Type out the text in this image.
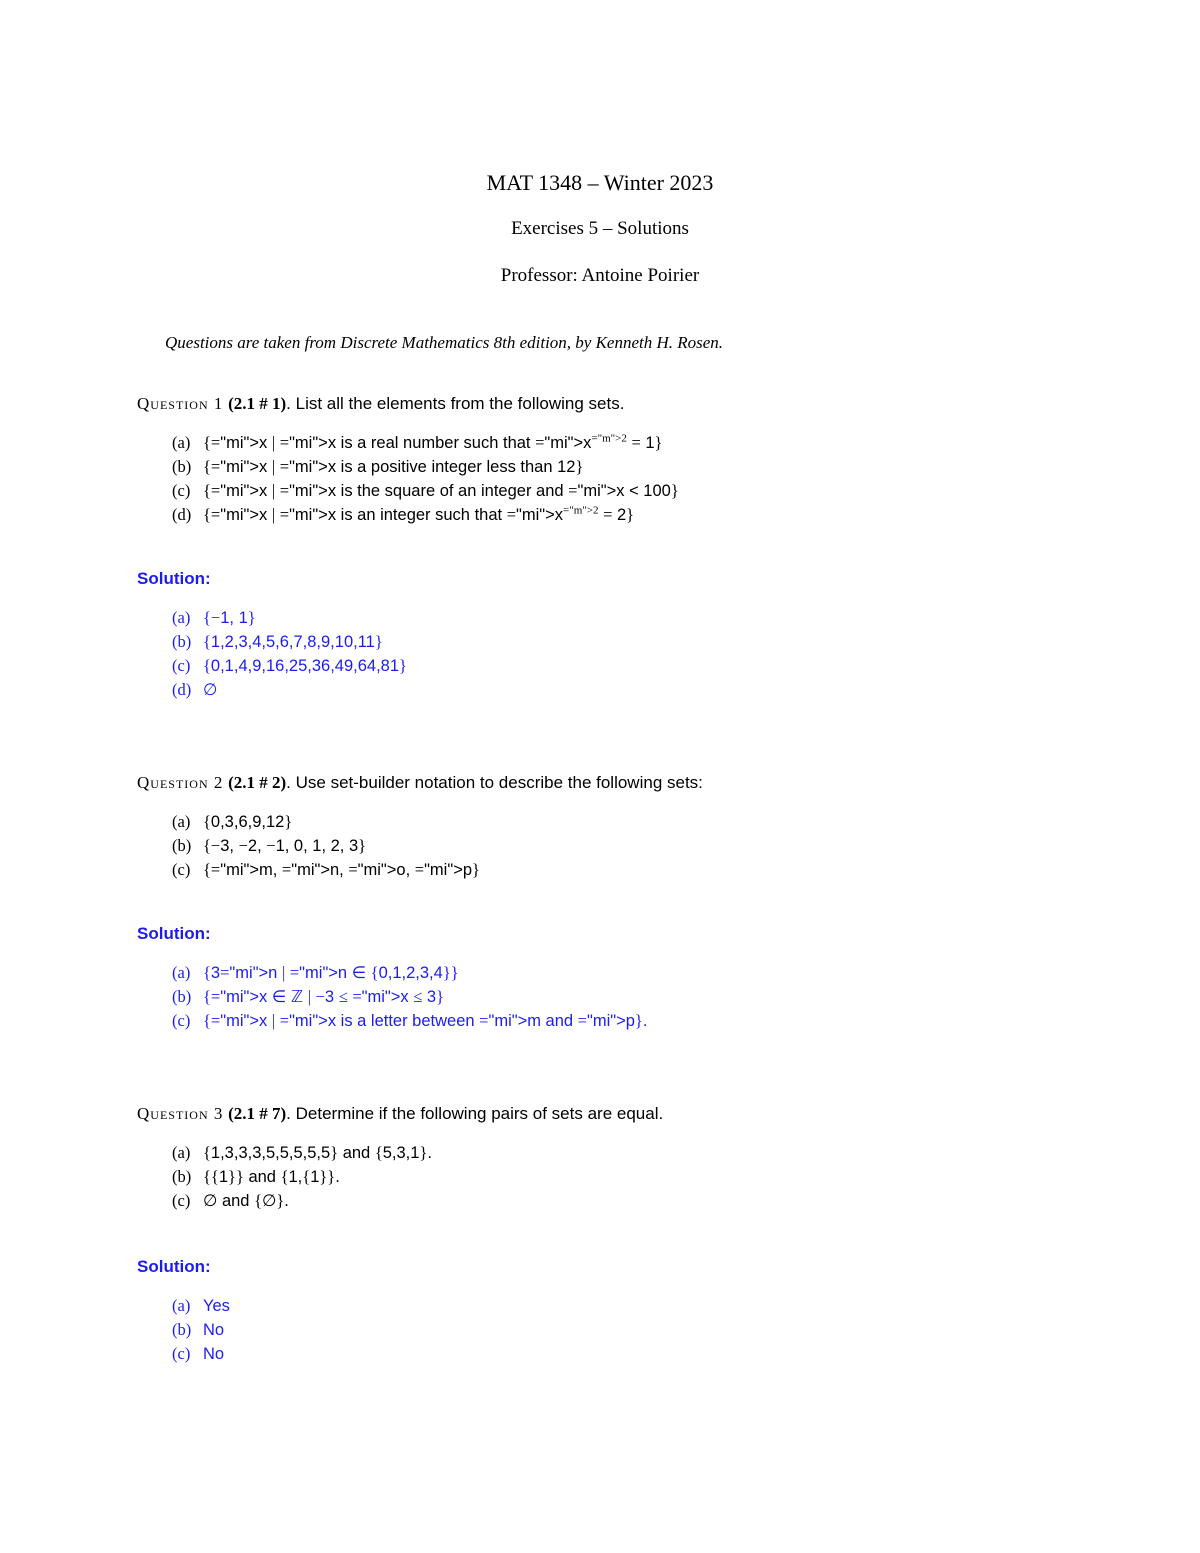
MAT 1348 – Winter 2023
Exercises 5 – Solutions
Professor: Antoine Poirier
Questions are taken from Discrete Mathematics 8th edition, by Kenneth H. Rosen.
Question 1 (2.1 # 1). List all the elements from the following sets.
(a) {="mi">x | ="mi">x is a real number such that $="mi">x^{="m">2} = 1$}
(b) {="mi">x | ="mi">x is a positive integer less than 12}
(c) {="mi">x | ="mi">x is the square of an integer and ="mi">x < 100}
(d) {="mi">x | ="mi">x is an integer such that $="mi">x^{="m">2} = 2$}
Solution:
(a) {−1, 1}
(b) {1,2,3,4,5,6,7,8,9,10,11}
(c) {0,1,4,9,16,25,36,49,64,81}
(d) ∅
Question 2 (2.1 # 2). Use set-builder notation to describe the following sets:
(a) {0,3,6,9,12}
(b) {−3, −2, −1, 0, 1, 2, 3}
(c) {="mi">m, ="mi">n, ="mi">o, ="mi">p}
Solution:
(a) {3="mi">n | ="mi">n ∈ {0,1,2,3,4}}
(b) {="mi">x ∈ ℤ | −3 ≤ ="mi">x ≤ 3}
(c) {="mi">x | ="mi">x is a letter between ="mi">m and ="mi">p}.
Question 3 (2.1 # 7). Determine if the following pairs of sets are equal.
(a) {1,3,3,3,5,5,5,5,5} and {5,3,1}.
(b) {{1}} and {1,{1}}.
(c) ∅ and {∅}.
Solution:
(a) Yes
(b) No
(c) No
